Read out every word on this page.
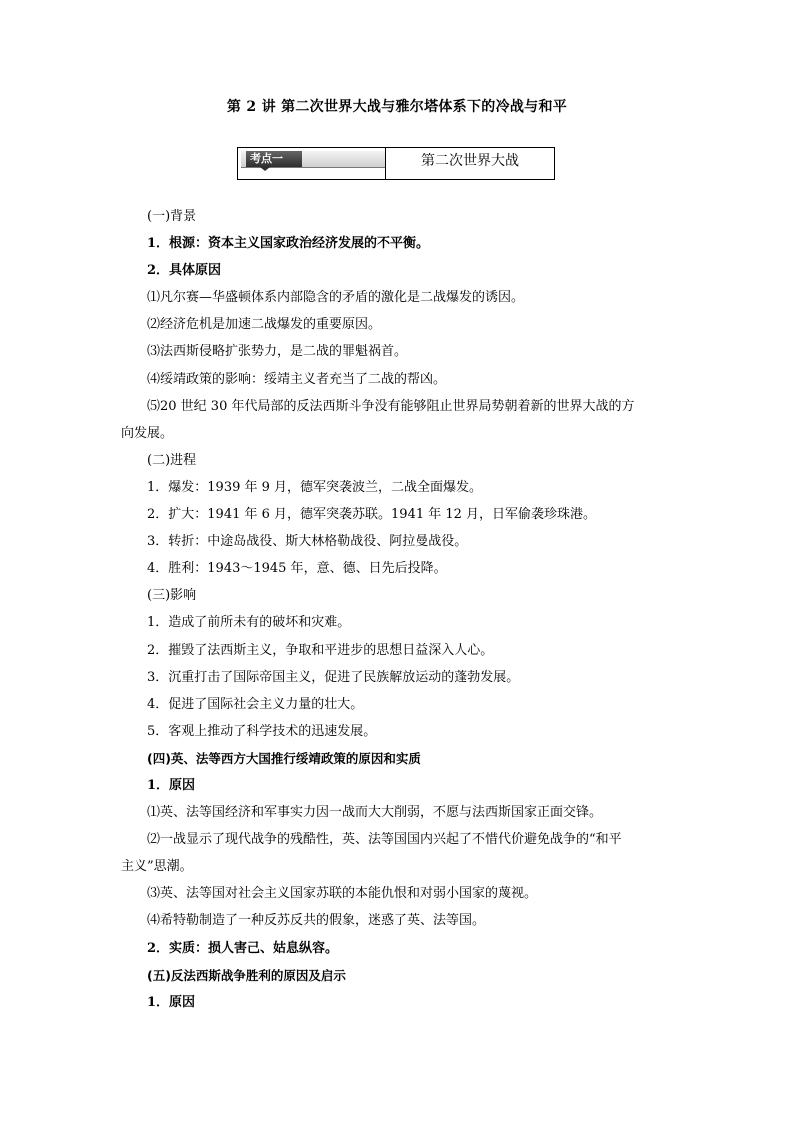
第 2 讲 第二次世界大战与雅尔塔体系下的冷战与和平
考点一	第二次世界大战
(一)背景
1．根源：资本主义国家政治经济发展的不平衡。
2．具体原因
⑴凡尔赛—华盛顿体系内部隐含的矛盾的激化是二战爆发的诱因。
⑵经济危机是加速二战爆发的重要原因。
⑶法西斯侵略扩张势力，是二战的罪魁祸首。
⑷绥靖政策的影响：绥靖主义者充当了二战的帮凶。
⑸20 世纪 30 年代局部的反法西斯斗争没有能够阻止世界局势朝着新的世界大战的方
向发展。
(二)进程
1．爆发：1939 年 9 月，德军突袭波兰，二战全面爆发。
2．扩大：1941 年 6 月，德军突袭苏联。1941 年 12 月，日军偷袭珍珠港。
3．转折：中途岛战役、斯大林格勒战役、阿拉曼战役。
4．胜利：1943～1945 年，意、德、日先后投降。
(三)影响
1．造成了前所未有的破坏和灾难。
2．摧毁了法西斯主义，争取和平进步的思想日益深入人心。
3．沉重打击了国际帝国主义，促进了民族解放运动的蓬勃发展。
4．促进了国际社会主义力量的壮大。
5．客观上推动了科学技术的迅速发展。
(四)英、法等西方大国推行绥靖政策的原因和实质
1．原因
⑴英、法等国经济和军事实力因一战而大大削弱，不愿与法西斯国家正面交锋。
⑵一战显示了现代战争的残酷性，英、法等国国内兴起了不惜代价避免战争的“和平
主义”思潮。
⑶英、法等国对社会主义国家苏联的本能仇恨和对弱小国家的蔑视。
⑷希特勒制造了一种反苏反共的假象，迷惑了英、法等国。
2．实质：损人害己、姑息纵容。
(五)反法西斯战争胜利的原因及启示
1．原因
